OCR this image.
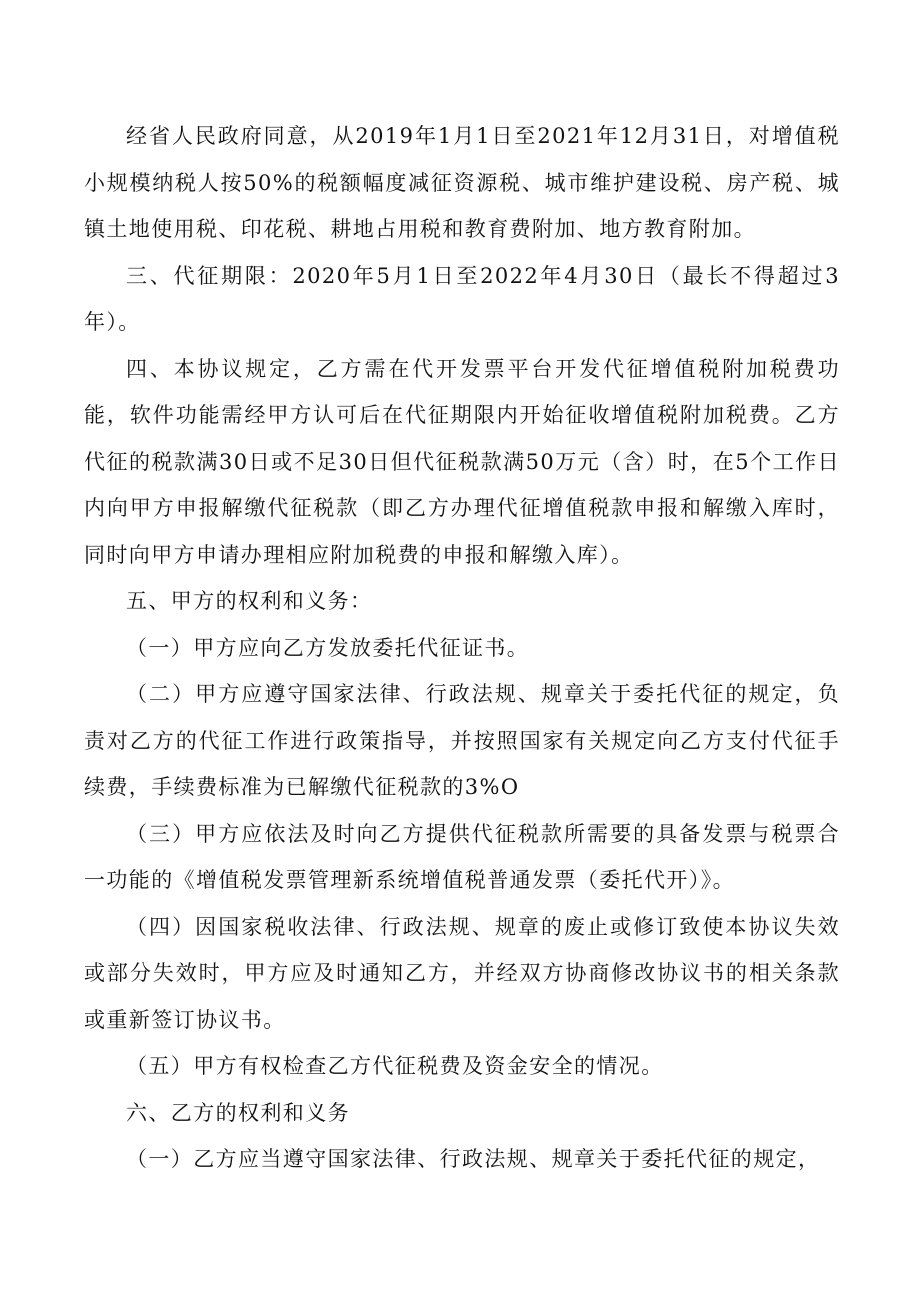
经省人民政府同意，从2019年1月1日至2021年12月31日，对增值税小规模纳税人按50%的税额幅度减征资源税、城市维护建设税、房产税、城镇土地使用税、印花税、耕地占用税和教育费附加、地方教育附加。

三、代征期限：2020年5月1日至2022年4月30日（最长不得超过3年）。

四、本协议规定，乙方需在代开发票平台开发代征增值税附加税费功能，软件功能需经甲方认可后在代征期限内开始征收增值税附加税费。乙方代征的税款满30日或不足30日但代征税款满50万元（含）时，在5个工作日内向甲方申报解缴代征税款（即乙方办理代征增值税款申报和解缴入库时，同时向甲方申请办理相应附加税费的申报和解缴入库）。

五、甲方的权利和义务：

（一）甲方应向乙方发放委托代征证书。

（二）甲方应遵守国家法律、行政法规、规章关于委托代征的规定，负责对乙方的代征工作进行政策指导，并按照国家有关规定向乙方支付代征手续费，手续费标准为已解缴代征税款的3%O

（三）甲方应依法及时向乙方提供代征税款所需要的具备发票与税票合一功能的《增值税发票管理新系统增值税普通发票（委托代开）》。

（四）因国家税收法律、行政法规、规章的废止或修订致使本协议失效或部分失效时，甲方应及时通知乙方，并经双方协商修改协议书的相关条款或重新签订协议书。

（五）甲方有权检查乙方代征税费及资金安全的情况。

六、乙方的权利和义务

（一）乙方应当遵守国家法律、行政法规、规章关于委托代征的规定，
